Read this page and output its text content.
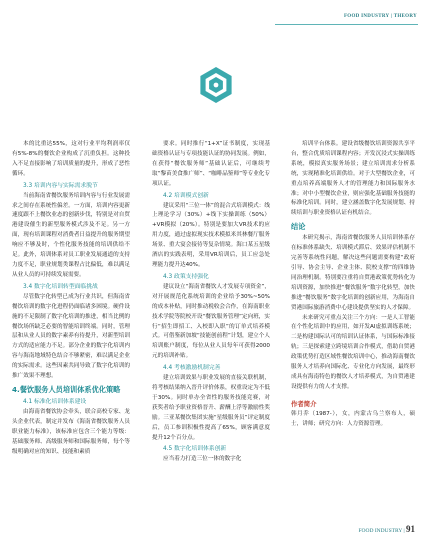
FOOD INDUSTRY | THEORY

本的比重达55%，这对行业平均利润率仅有5%-8%的餐饮企业构成了沉重负担。这种投入不足直接影响了培训质量的提升，形成了恶性循环。

3.3 培训内容与实际需求脱节

当前海南省餐饮服务培训内容与行业发展需求之间存在系统性偏差。一方面，培训内容更新速度跟不上餐饮业态的创新步伐，特别是对自贸港建设催生的新型服务模式涉及不足。另一方面，现有培训课程对消费者日益提升的服务期望响应不够及时，个性化服务技能的培训供给不足。此外，培训体系对员工职业发展通道的支持力度不足，职业规划类课程占比偏低，难以满足从业人员的可持续发展需要。

3.4 数字化培训转型面临挑战

尽管数字化转型已成为行业共识，但海南省餐饮培训的数字化进程仍面临诸多困境。硬件设施的不足限制了数字化培训的推进，相当比例的餐饮场所缺乏必要的智能培训终端。同时，管理层和从业人员的数字素养有待提升，对新型培训方式的适应能力不足。部分企业的数字化培训内容与海南地域特色结合不够紧密，难以满足企业的实际需求。这些因素共同导致了数字化培训的推广效果不理想。

4.餐饮服务人员培训体系优化策略
4.1 标准化培训体系建设

由海南省餐饮协会牵头，联合高校专家、龙头企业代表，制定并发布《海南省餐饮服务人员职业能力标准》，该标准应包含三个能力等级：基础服务师、高级服务师和国际服务师，每个等级明确对应的知识、技能和素质

要求。同时推行“1+X”证书制度，实现基础资格认证与专项技能认证的协同发展。例如，在获得“餐饮服务师”基础认证后，可继续考取“黎苗美食推广师”、“咖啡品鉴师”等专业化专项认证。

4.2 培训模式创新

建议采用“三位一体”的混合式培训模式：线上理论学习（30%）+线下实操训练（50%）+VR模拟（20%）。特别是要加大VR技术的应用力度，通过虚拟现实技术模拟米其林餐厅服务场景、重大宴会接待等复杂情境。海口某五星级酒店的实践表明，采用VR培训后，员工应急处理能力提升达40%。

4.3 政策支持强化

建议设立“海南省餐饮人才发展专项资金”，对开展规范化系统培训的企业给予30%~50%的成本补贴，同时推动税收会合作，在海南职业技术学院等院校开设“餐饮服务管理”定向班，实行“招生即招工、入校即入职”的订单式培养模式。可借鉴新加坡“技能创前程”计划，建立个人培训账户制度，每位从业人员每年可获得2000元的培训补贴。

4.4 考核激励机制完善

建立培训效果与职业发展的直接关联机制，将考核结果纳入晋升评价体系，权重设定为不低于30%。同时单办全省性的服务技能竞赛，对获奖者给予职业资格晋升、薪酬上浮等激励性奖励。三亚某餐饮集团实施“星级服务员”评定制度后，员工参训积极性提高了65%，顾客满意度提升12个百分点。

4.5 数字化培训体系创新

应当着力打造三位一体的数字化

培训平台体系。建设省级餐饮培训资源共享平台，整合优质培训课程内容；开发沉浸式实操训练系统，模拟真实服务场景；建立培训需求分析系统，实现精准化培训供给。对于大型餐饮企业，可重点培养高端服务人才的管理能力和国际服务水准；对中小型餐饮企业，则应强化基础服务技能的标准化培训。同时，建立涵盖数字化发展规划、持续培训与职业资格认证有机结合。

结论

本研究揭示，海南省餐饮服务人员培训体系存在标准体系缺失、培训模式滞后、效果评估机制不完善等系统性问题，解决这些问题需要构建“政府引导、协会主导、企业主体、院校支撑”的四维协同治理机制。特别要注重将自贸港政策优势转化为培训资源，加快推进“餐饮服务”数字化转型，加快推进“餐饮服务”数字化培训的创新应用，为海南自贸港国际旅游消费中心建设提供坚实的人才保障。

未来研究可重点关注三个方向：一是人工智能在个性化培训中的应用，如开发AI虚拟训练系统；二是构建国际认可的培训认证体系，与国际标准接轨；三是探索建立跨境培训合作模式，借助自贸港政策优势打造区域性餐饮培训中心，推动海南餐饮服务人才培养向国际化、专业化方向发展，最终形成具有海南特色的餐饮人才培养模式，为自贸港建设提供有力的人才支撑。

作者简介

韩月乔（1987-），女，内蒙古乌兰察布人，硕士，讲师；研究方向：人力资源管理。

FOOD INDUSTRY | 91
